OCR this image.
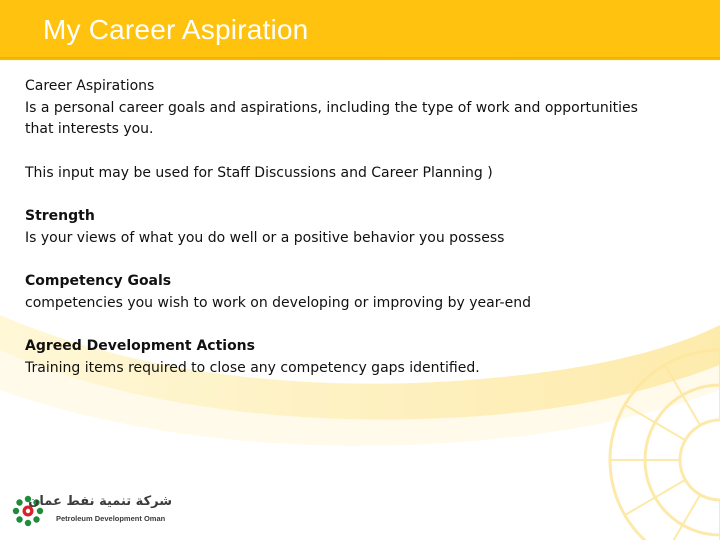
My Career Aspiration

Career Aspirations

Is a personal career goals and aspirations, including the type of work and opportunities

that interests you.

This input may be used for Staff Discussions and Career Planning )

Strength

Is your views of what you do well or a positive behavior you possess

Competency Goals

competencies you wish to work on developing or improving by year-end

Agreed Development Actions

Training items required to close any competency gaps identified.

شركة تنمية نفط عمان
Petroleum Development Oman
